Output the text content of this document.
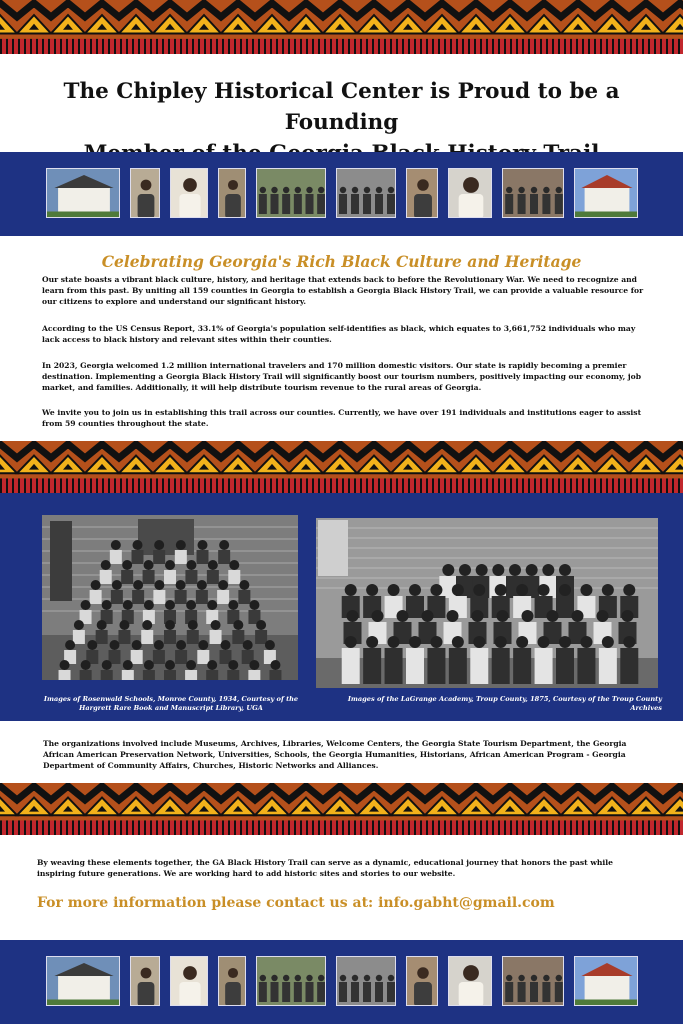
The Chipley Historical Center is Proud to be a Founding
Celebrating Georgia's Rich Black Culture and Heritage

Our state boasts a vibrant black culture, history, and heritage that extends back to before the Revolutionary War. We need to recognize and learn from this past. By uniting all 159 counties in Georgia to establish a Georgia Black History Trail, we can provide a valuable resource for our citizens to explore and understand our significant history.

According to the US Census Report, 33.1% of Georgia's population self-identifies as black, which equates to 3,661,752 individuals who may lack access to black history and relevant sites within their counties.

In 2023, Georgia welcomed 1.2 million international travelers and 170 million domestic visitors. Our state is rapidly becoming a premier destination. Implementing a Georgia Black History Trail will significantly boost our tourism numbers, positively impacting our economy, job market, and families. Additionally, it will help distribute tourism revenue to the rural areas of Georgia.

We invite you to join us in establishing this trail across our counties. Currently, we have over 191 individuals and institutions eager to assist from 59 counties throughout the state.

Images of Rosenwald Schools, Monroe County, 1934, Courtesy of the Hargrett Rare Book and Manuscript Library, UGA
Images of the LaGrange Academy, Troup County, 1875, Courtesy of the Troup County Archives

The organizations involved include Museums, Archives, Libraries, Welcome Centers, the Georgia State Tourism Department, the Georgia African American Preservation Network, Universities, Schools, the Georgia Humanities, Historians, African American Program - Georgia Department of Community Affairs, Churches, Historic Networks and Alliances.

By weaving these elements together, the GA Black History Trail can serve as a dynamic, educational journey that honors the past while inspiring future generations. We are working hard to add historic sites and stories to our website.

For more information please contact us at: info.gabht@gmail.com
